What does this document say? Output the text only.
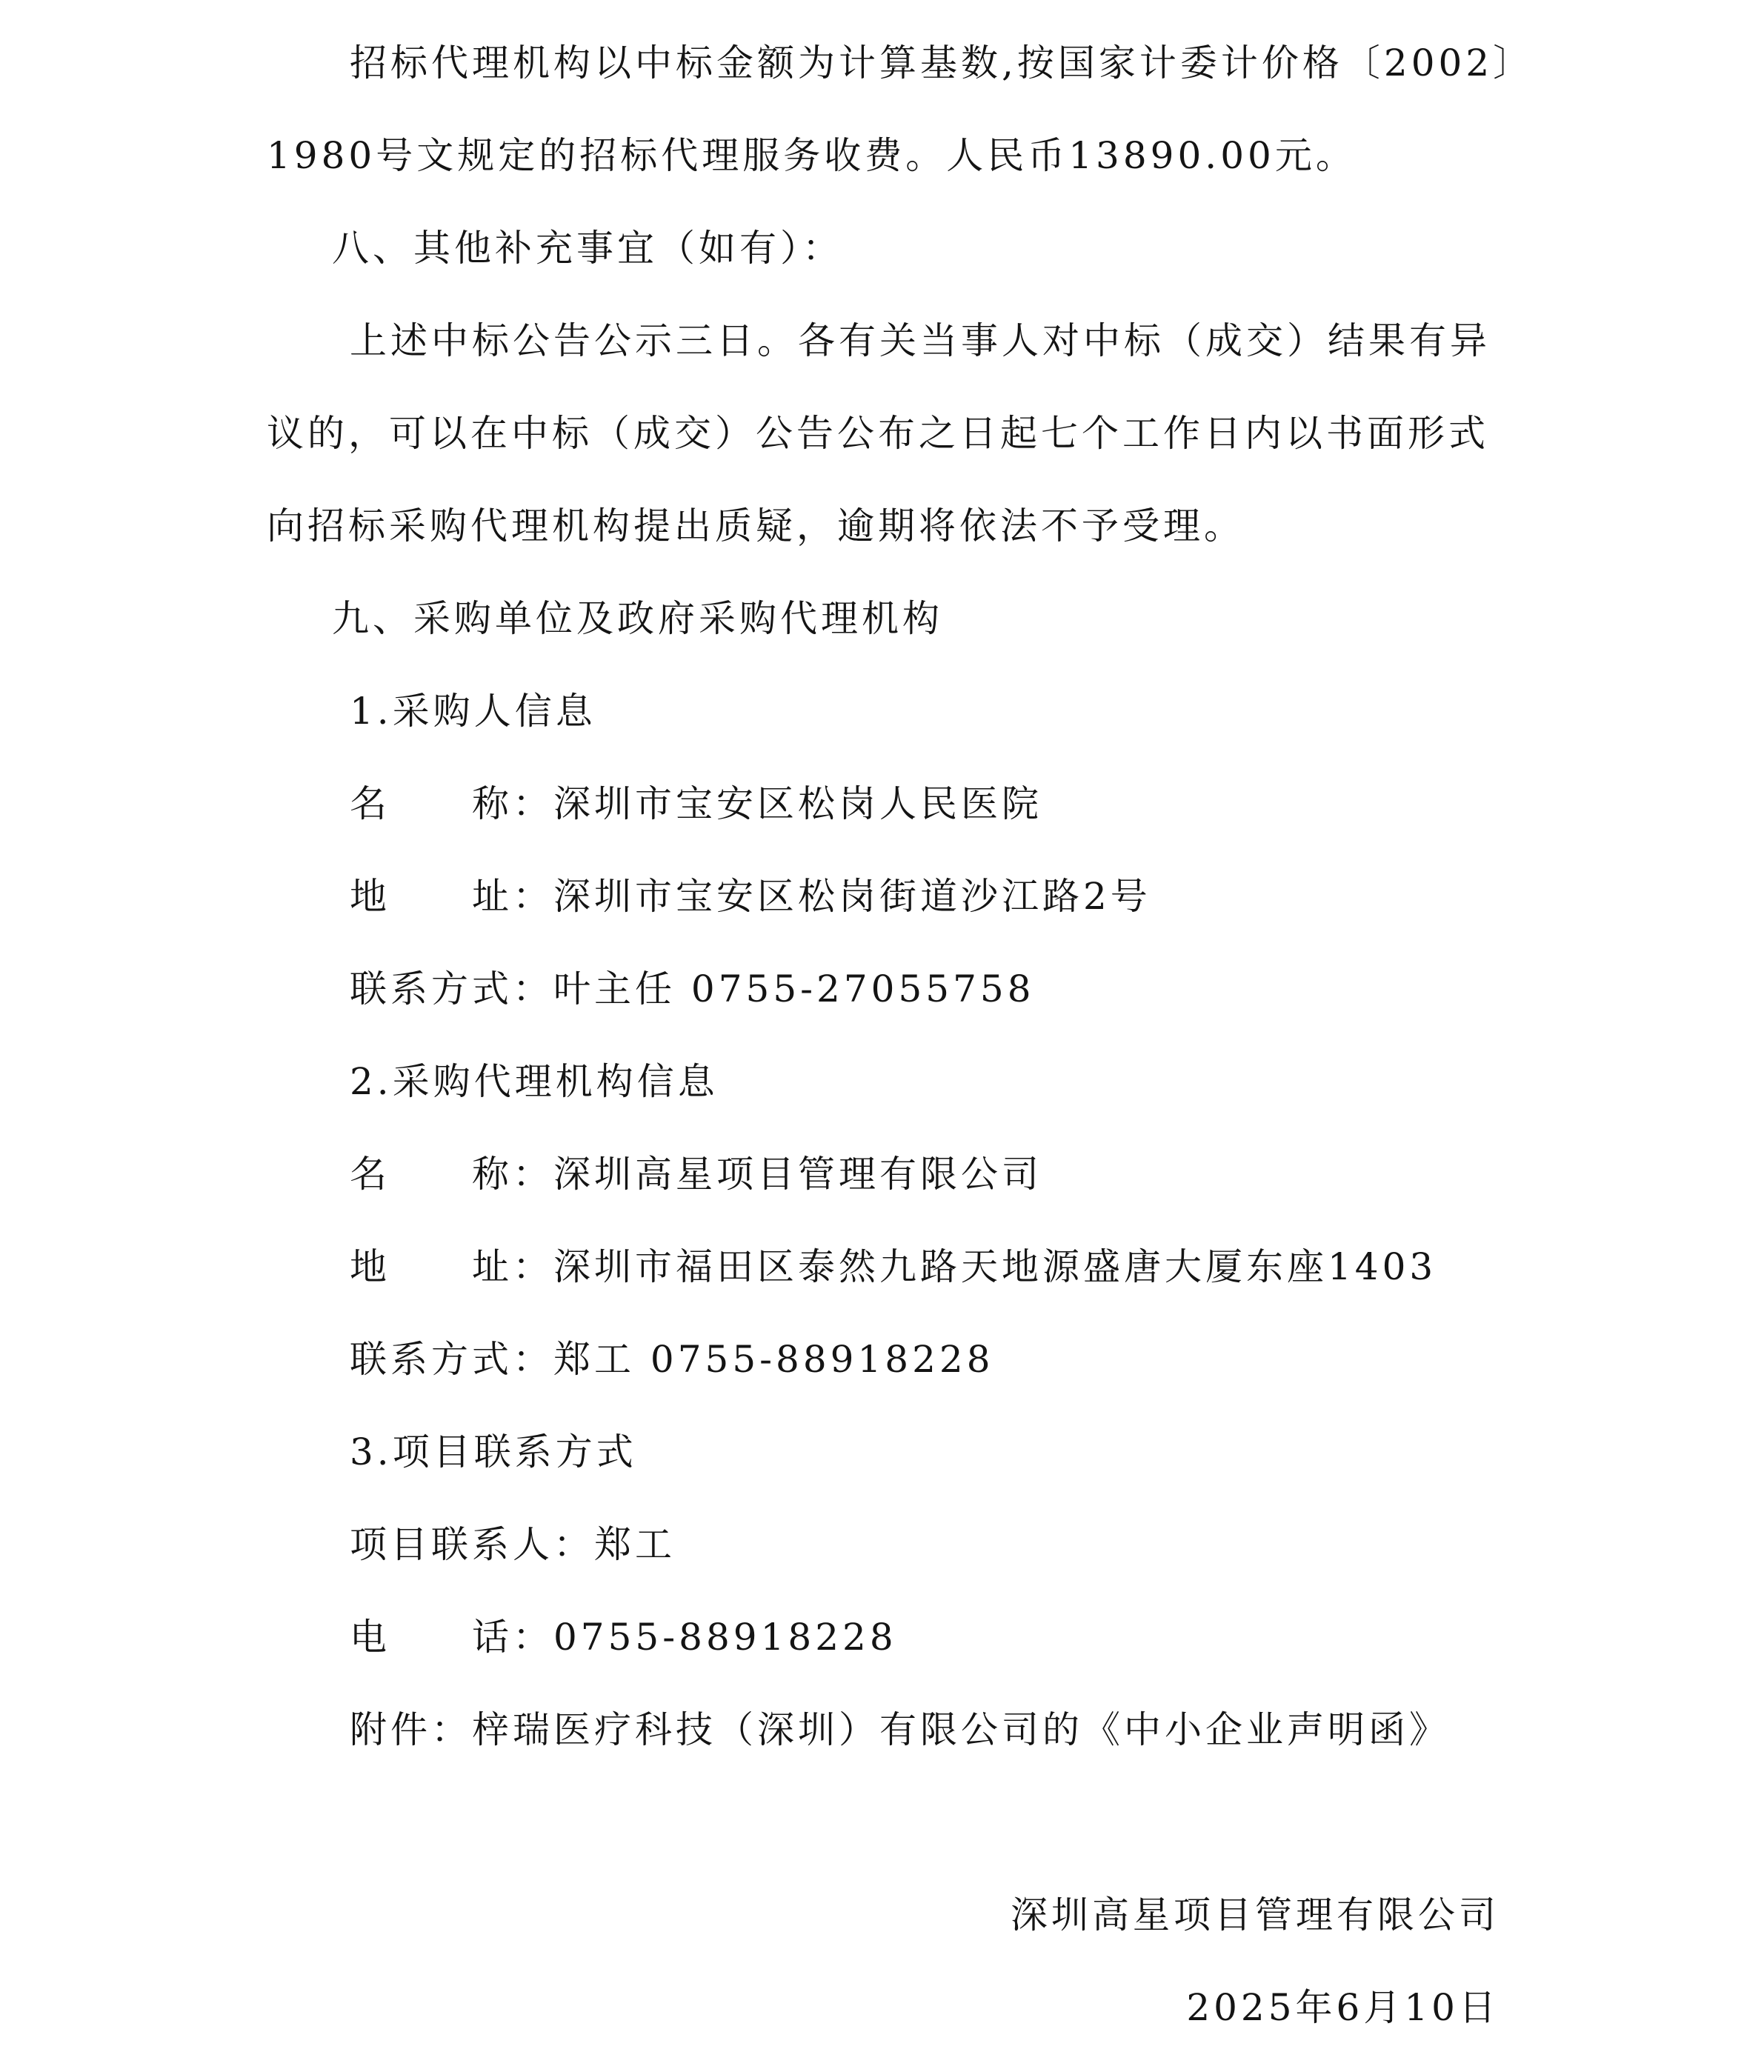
招标代理机构以中标金额为计算基数,按国家计委计价格〔2002〕
1980号文规定的招标代理服务收费。人民币13890.00元。
八、其他补充事宜（如有）：
上述中标公告公示三日。各有关当事人对中标（成交）结果有异
议的，可以在中标（成交）公告公布之日起七个工作日内以书面形式
向招标采购代理机构提出质疑，逾期将依法不予受理。
九、采购单位及政府采购代理机构
1.采购人信息
名　　称：深圳市宝安区松岗人民医院
地　　址：深圳市宝安区松岗街道沙江路2号
联系方式：叶主任 0755-27055758
2.采购代理机构信息
名　　称：深圳高星项目管理有限公司
地　　址：深圳市福田区泰然九路天地源盛唐大厦东座1403
联系方式：郑工 0755-88918228
3.项目联系方式
项目联系人：郑工
电　　话：0755-88918228
附件：梓瑞医疗科技（深圳）有限公司的《中小企业声明函》
深圳高星项目管理有限公司
2025年6月10日
